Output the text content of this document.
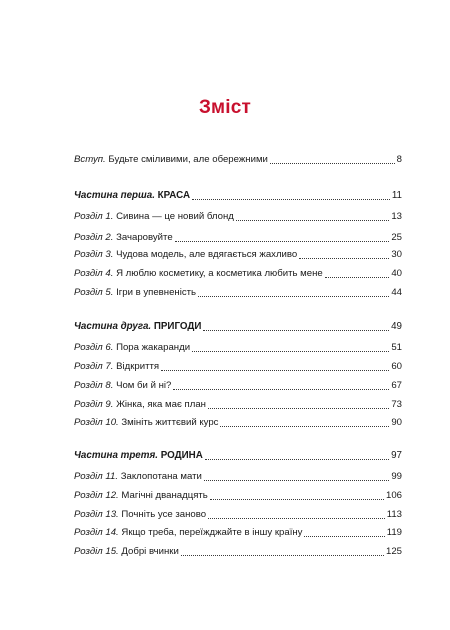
Зміст
Вступ. Будьте сміливими, але обережними	8
Частина перша. КРАСА	11
Розділ 1. Сивина — це новий блонд	13
Розділ 2. Зачаровуйте	25
Розділ 3. Чудова модель, але вдягається жахливо	30
Розділ 4. Я люблю косметику, а косметика любить мене	40
Розділ 5. Ігри в упевненість	44
Частина друга. ПРИГОДИ	49
Розділ 6. Пора жакаранди	51
Розділ 7. Відкриття	60
Розділ 8. Чом би й ні?	67
Розділ 9. Жінка, яка має план	73
Розділ 10. Змініть життєвий курс	90
Частина третя. РОДИНА	97
Розділ 11. Заклопотана мати	99
Розділ 12. Магічні дванадцять	106
Розділ 13. Почніть усе заново	113
Розділ 14. Якщо треба, переїжджайте в іншу країну	119
Розділ 15. Добрі вчинки	125
